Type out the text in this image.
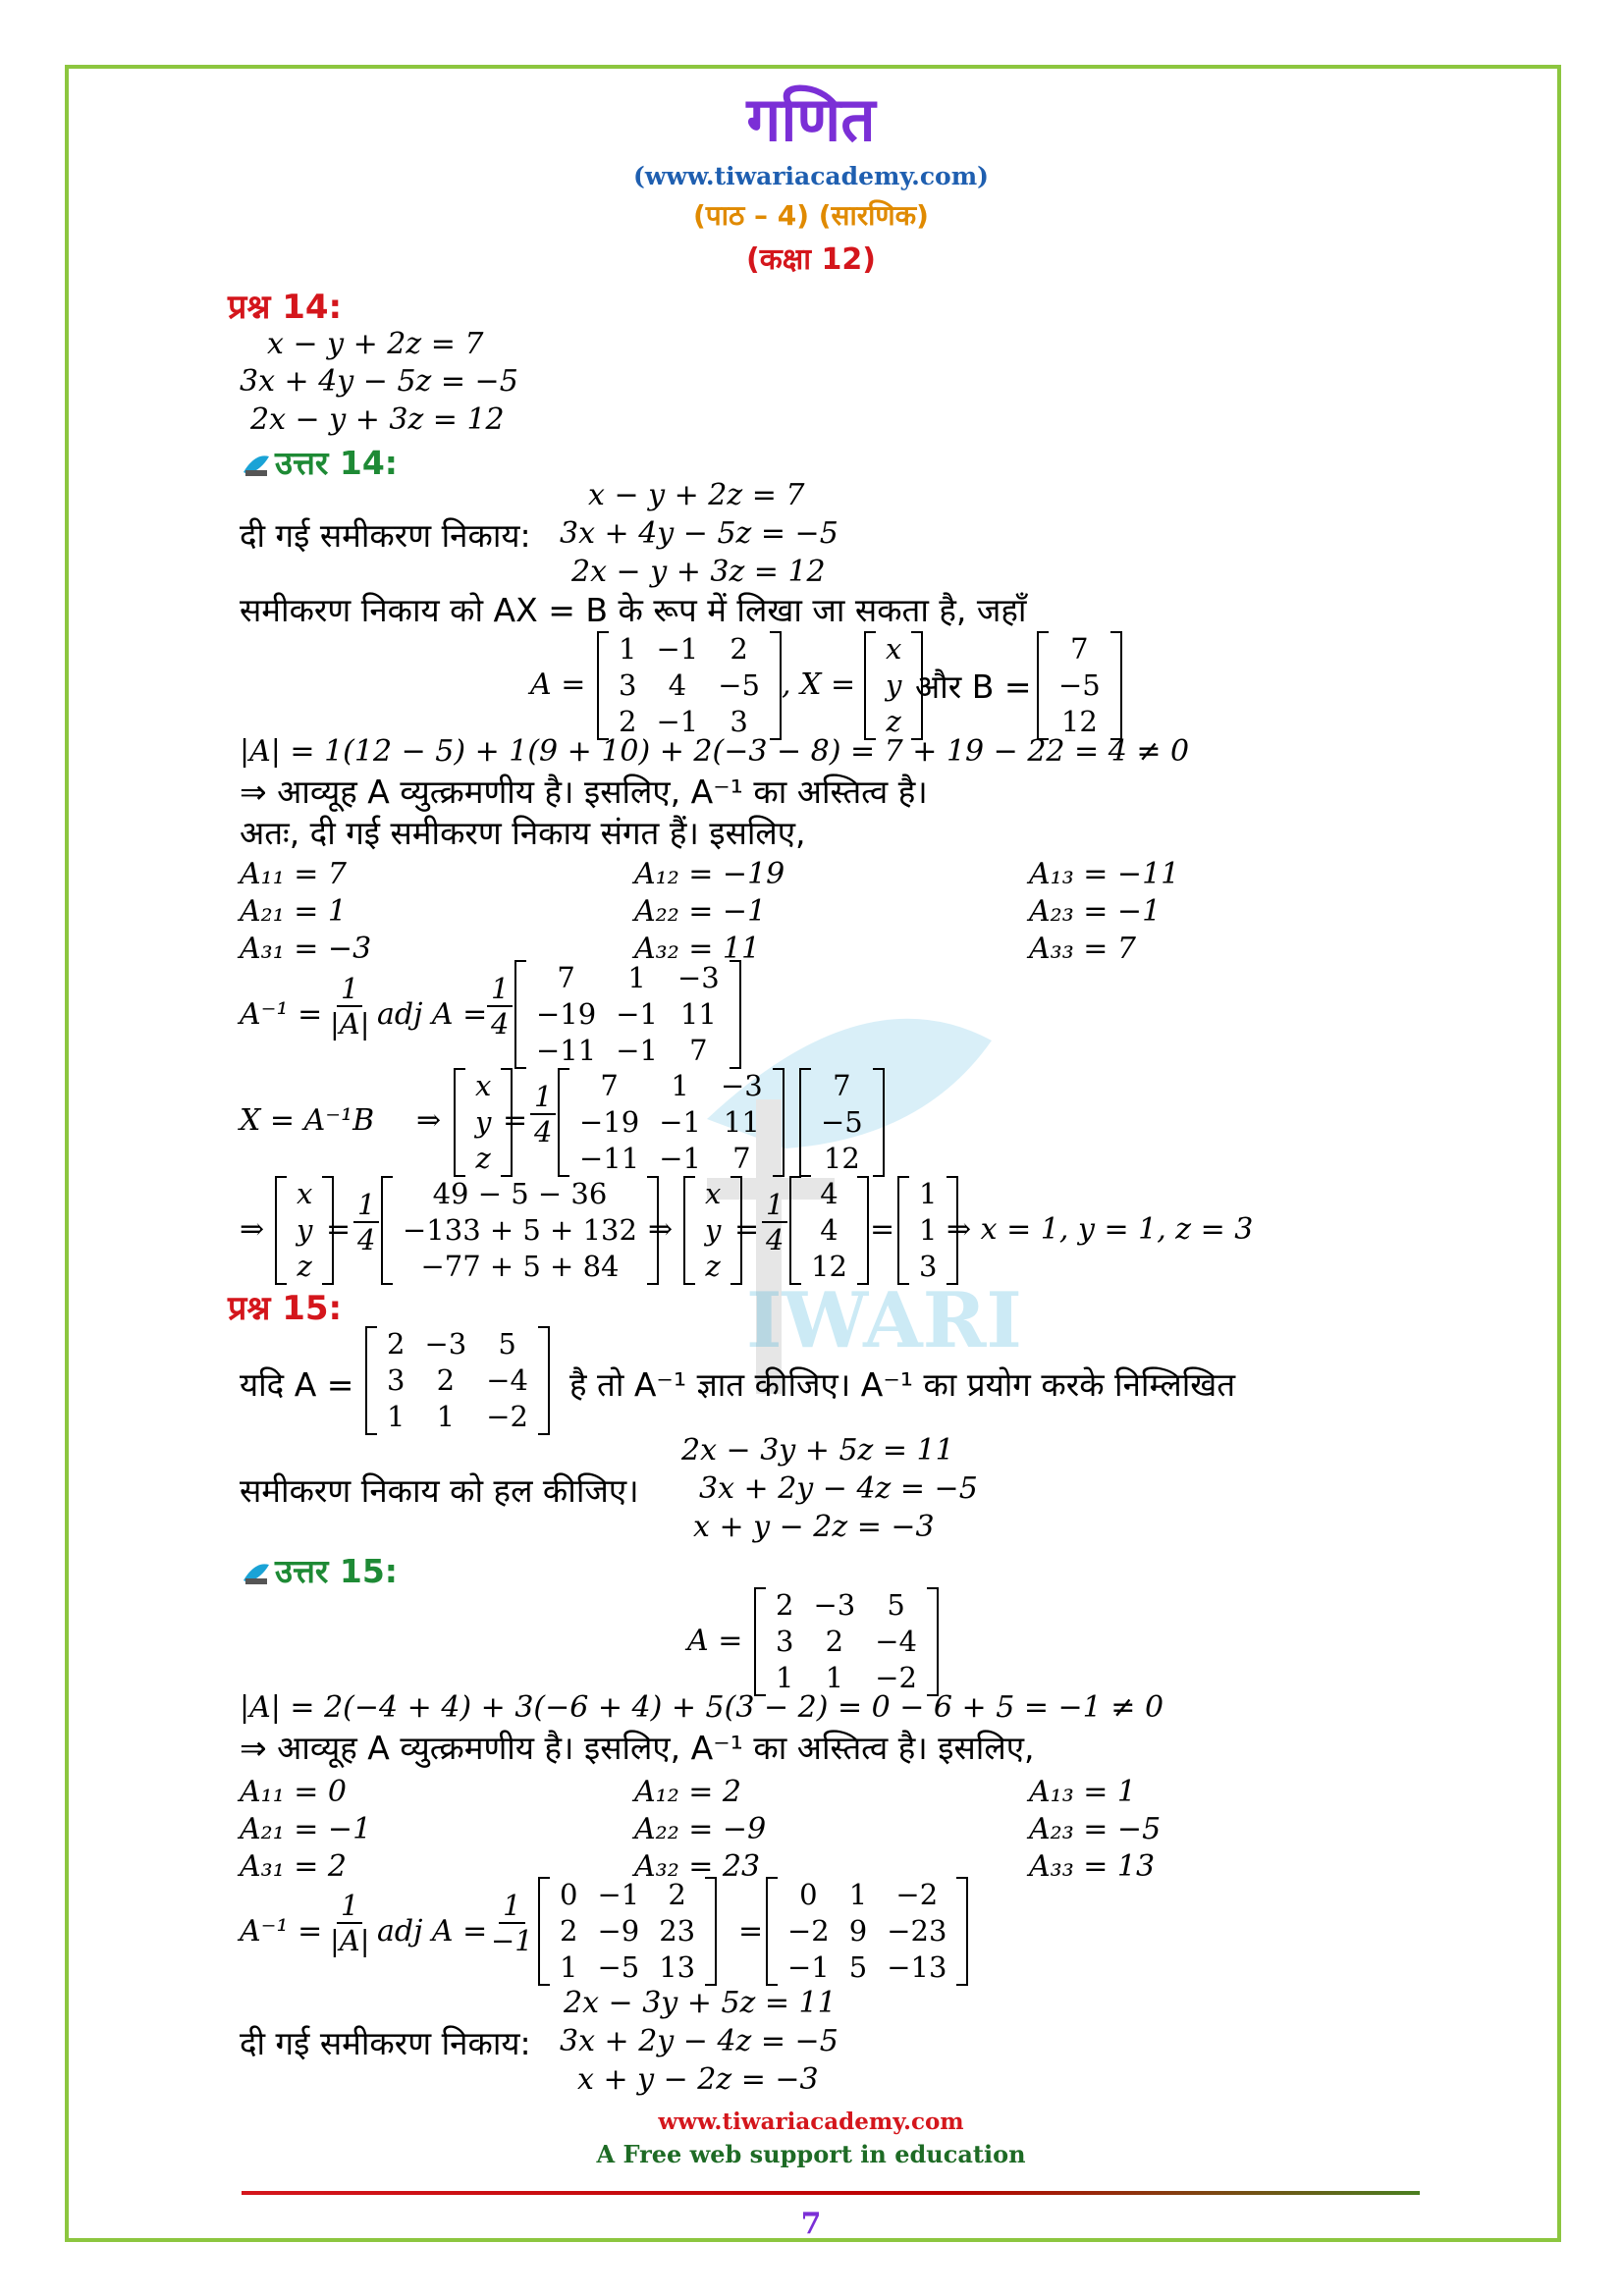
IWARI
गणित
(www.tiwariacademy.com)
(पाठ – 4) (सारणिक)
(कक्षा 12)
प्रश्न 14:
x − y + 2z = 7
3x + 4y − 5z = −5
2x − y + 3z = 12
उत्तर 14:
x − y + 2z = 7
दी गई समीकरण निकाय: 3x + 4y − 5z = −5
2x − y + 3z = 12
समीकरण निकाय को AX = B के रूप में लिखा जा सकता है, जहाँ
A =
1	−1	2
3	4	−5
2	−1	3
, X =
x
y
z
और B =
7
−5
12
|A| = 1(12 − 5) + 1(9 + 10) + 2(−3 − 8) = 7 + 19 − 22 = 4 ≠ 0
⇒ आव्यूह A व्युत्क्रमणीय है। इसलिए, A⁻¹ का अस्तित्व है।
अतः, दी गई समीकरण निकाय संगत हैं। इसलिए,
A₁₁ = 7	A₁₂ = −19	A₁₃ = −11
A₂₁ = 1	A₂₂ = −1	A₂₃ = −1
A₃₁ = −3	A₃₂ = 11	A₃₃ = 7
$A^{-1} = \frac{1}{|A|}$ adj $A = \frac{1}{4} 7$	1	−3
−19	−1	11
−11	−1	7
X = A⁻¹B ⇒
x
y
z
= $\frac{1}{4} 7$	1	−3
−19	−1	11
−11	−1	7
7
−5
12
⇒
x
y
z
= $\frac{1}{4} 49 - 5 - 36$
−133 + 5 + 132
−77 + 5 + 84
⇒
x
y
z
= $\frac{1}{4} 4$
4
12
=
1
1
3
⇒ x = 1, y = 1, z = 3
प्रश्न 15:
यदि A =
2	−3	5
3	2	−4
1	1	−2
है तो A⁻¹ ज्ञात कीजिए। A⁻¹ का प्रयोग करके निम्लिखित
2x − 3y + 5z = 11
समीकरण निकाय को हल कीजिए। 3x + 2y − 4z = −5
x + y − 2z = −3
उत्तर 15:
A =
2	−3	5
3	2	−4
1	1	−2
|A| = 2(−4 + 4) + 3(−6 + 4) + 5(3 − 2) = 0 − 6 + 5 = −1 ≠ 0
⇒ आव्यूह A व्युत्क्रमणीय है। इसलिए, A⁻¹ का अस्तित्व है। इसलिए,
A₁₁ = 0	A₁₂ = 2	A₁₃ = 1
A₂₁ = −1	A₂₂ = −9	A₂₃ = −5
A₃₁ = 2	A₃₂ = 23	A₃₃ = 13
$A^{-1} = \frac{1}{|A|}$ adj $A = \frac{1}{-1} 0$	−1	2
2	−9	23
1	−5	13
=
0	1	−2
−2	9	−23
−1	5	−13
2x − 3y + 5z = 11
दी गई समीकरण निकाय: 3x + 2y − 4z = −5
x + y − 2z = −3
www.tiwariacademy.com
A Free web support in education
7
